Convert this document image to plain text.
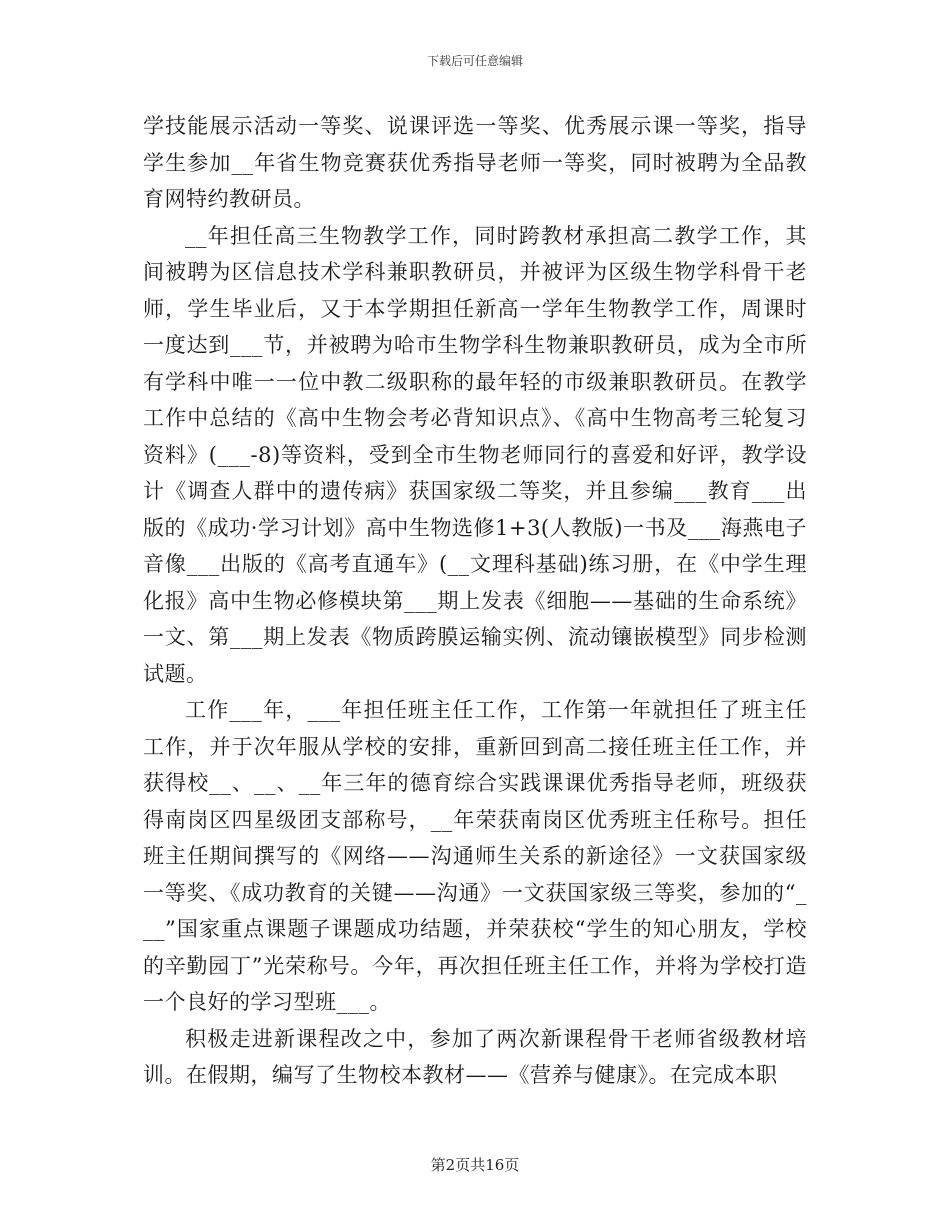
下载后可任意编辑

学技能展示活动一等奖、说课评选一等奖、优秀展示课一等奖，指导学生参加__年省生物竞赛获优秀指导老师一等奖，同时被聘为全品教育网特约教研员。

__年担任高三生物教学工作，同时跨教材承担高二教学工作，其间被聘为区信息技术学科兼职教研员，并被评为区级生物学科骨干老师，学生毕业后，又于本学期担任新高一学年生物教学工作，周课时一度达到___节，并被聘为哈市生物学科生物兼职教研员，成为全市所有学科中唯一一位中教二级职称的最年轻的市级兼职教研员。在教学工作中总结的《高中生物会考必背知识点》、《高中生物高考三轮复习资料》(___-8)等资料，受到全市生物老师同行的喜爱和好评，教学设计《调查人群中的遗传病》获国家级二等奖，并且参编___教育___出版的《成功·学习计划》高中生物选修1+3(人教版)一书及___海燕电子音像___出版的《高考直通车》(__文理科基础)练习册，在《中学生理化报》高中生物必修模块第___期上发表《细胞——基础的生命系统》一文、第___期上发表《物质跨膜运输实例、流动镶嵌模型》同步检测试题。

工作___年，___年担任班主任工作，工作第一年就担任了班主任工作，并于次年服从学校的安排，重新回到高二接任班主任工作，并获得校__、__、__年三年的德育综合实践课课优秀指导老师，班级获得南岗区四星级团支部称号，__年荣获南岗区优秀班主任称号。担任班主任期间撰写的《网络——沟通师生关系的新途径》一文获国家级一等奖、《成功教育的关键——沟通》一文获国家级三等奖，参加的“___”国家重点课题子课题成功结题，并荣获校“学生的知心朋友，学校的辛勤园丁”光荣称号。今年，再次担任班主任工作，并将为学校打造一个良好的学习型班___。

积极走进新课程改之中，参加了两次新课程骨干老师省级教材培训。在假期，编写了生物校本教材——《营养与健康》。在完成本职

第2页共16页
